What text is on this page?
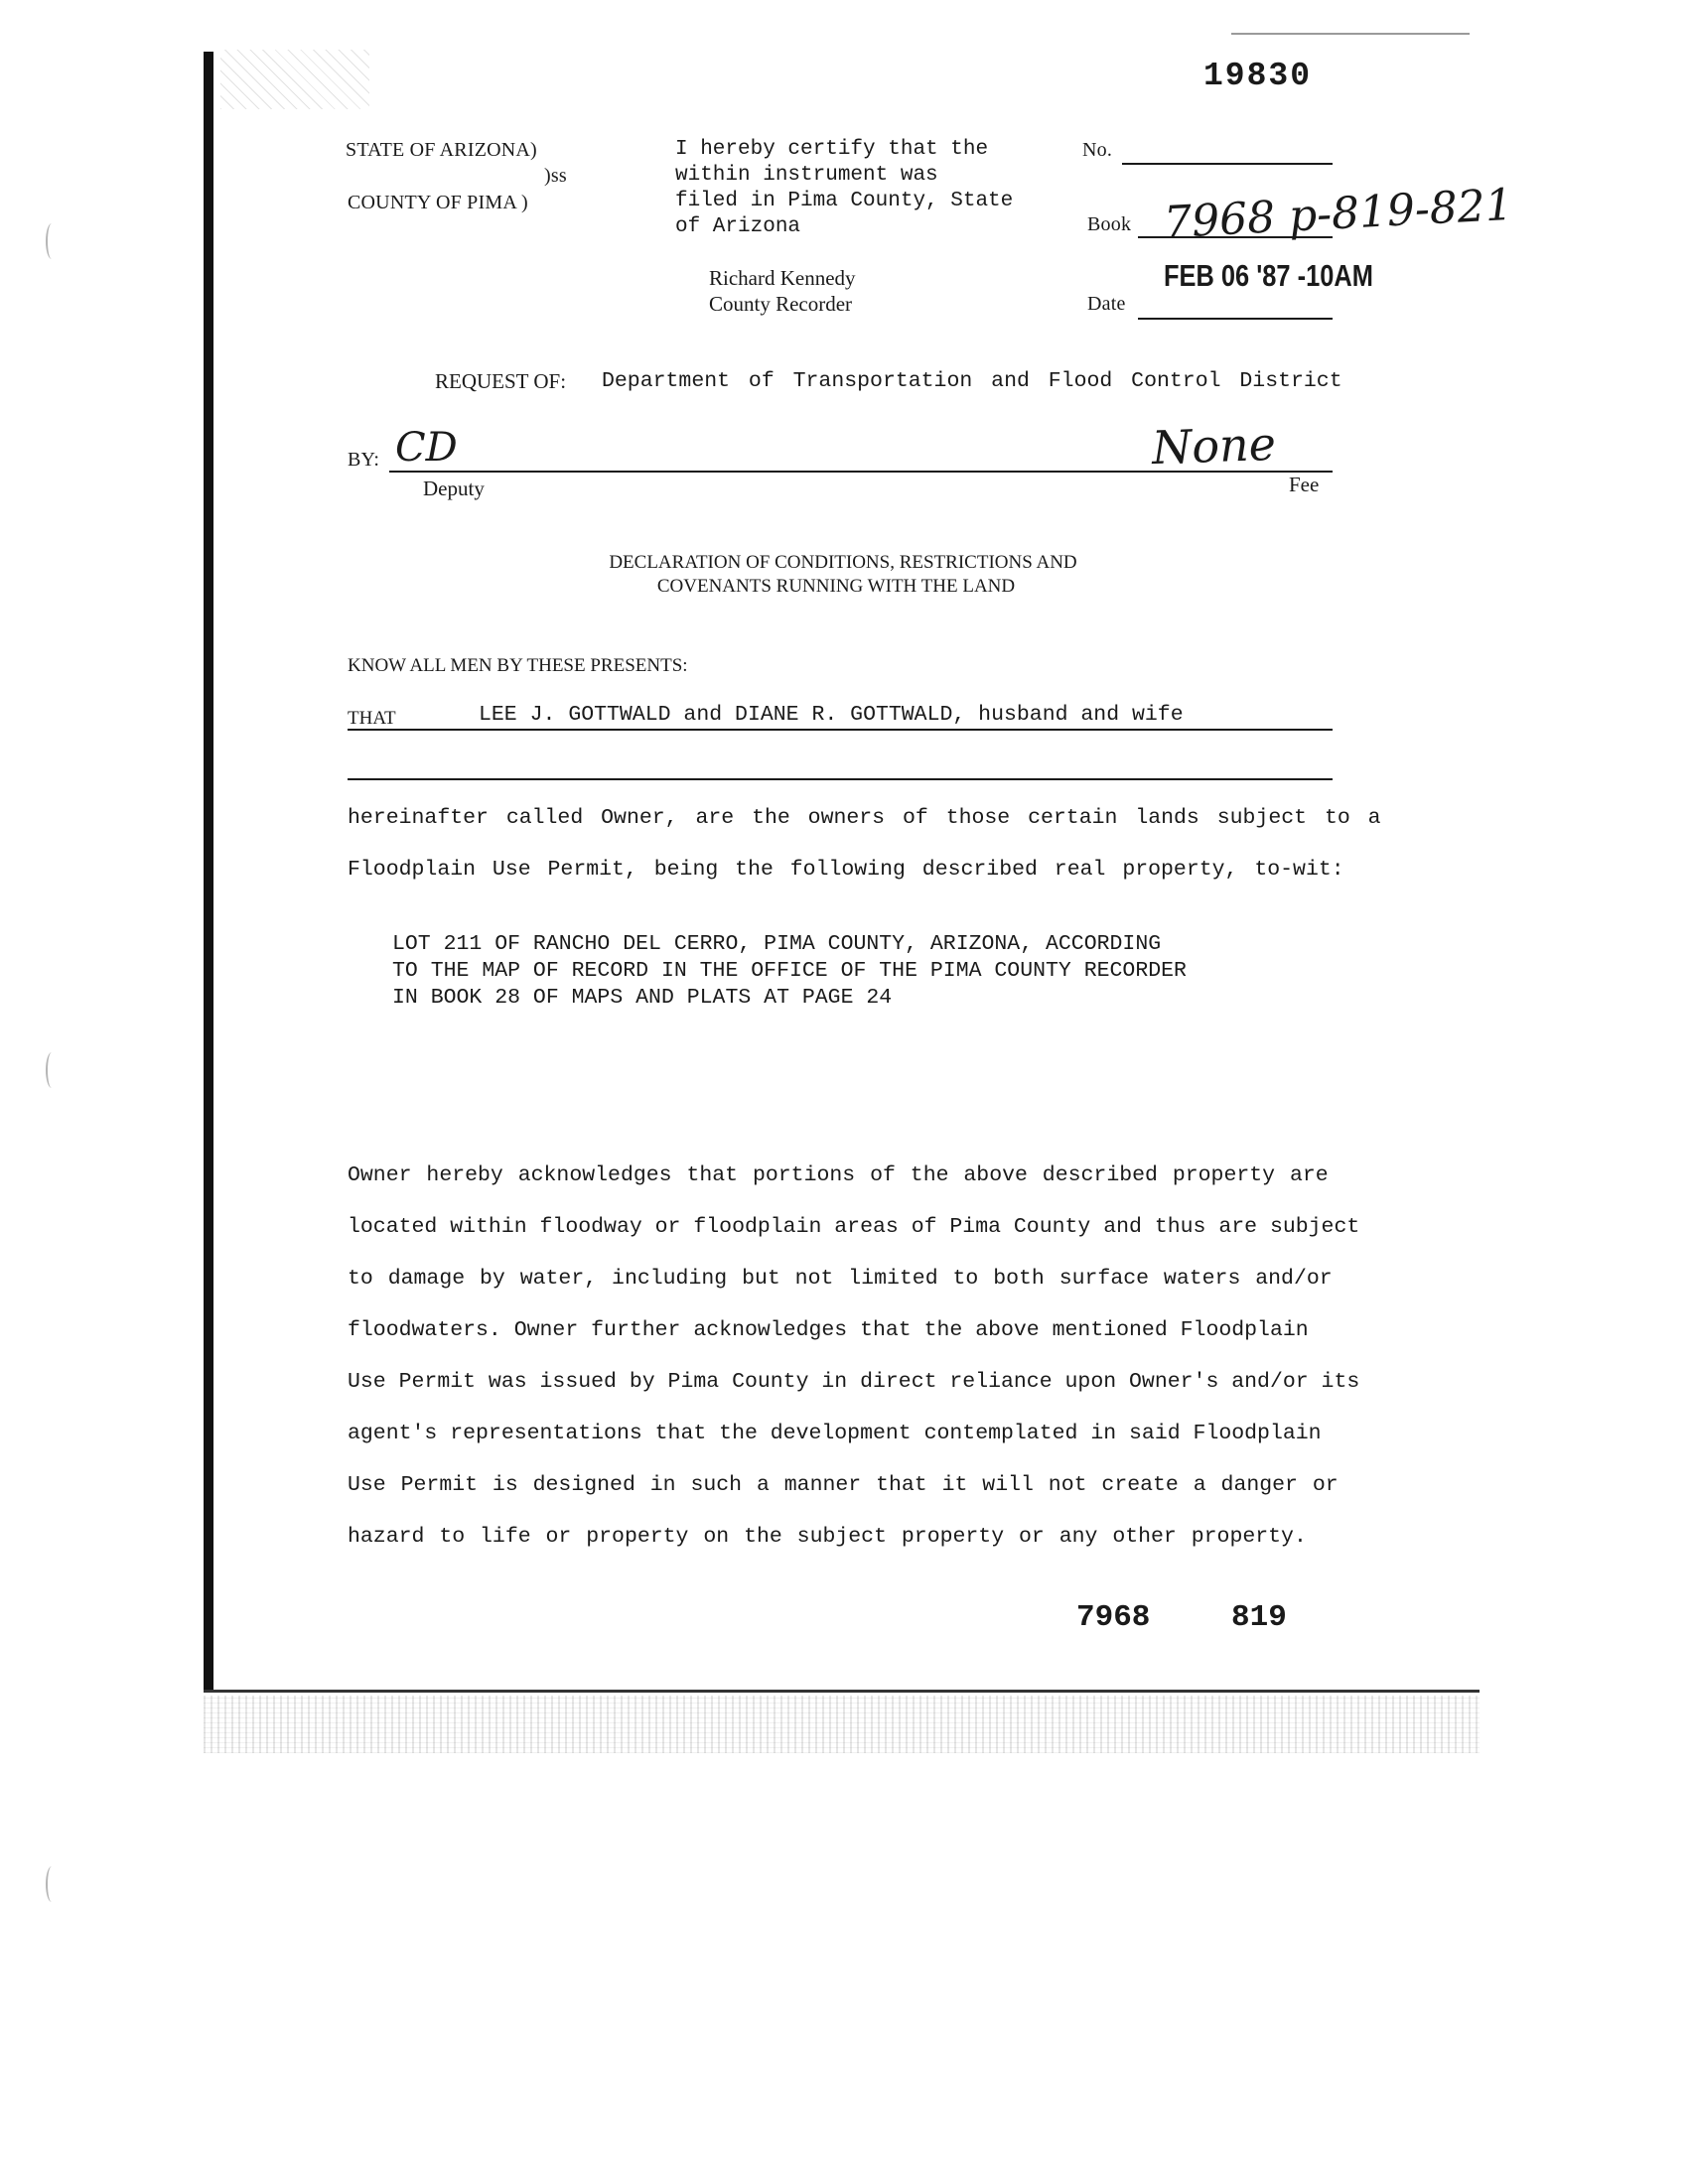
19830
STATE OF ARIZONA)
)ss
COUNTY OF PIMA )
I hereby certify that the
within instrument was
filed in Pima County, State
of Arizona
Richard Kennedy
County Recorder
No.
Book 7968 p-819-821
FEB 06 '87 -10AM
Date
REQUEST OF: Department of Transportation and Flood Control District
BY: CD	None
Deputy	Fee
DECLARATION OF CONDITIONS, RESTRICTIONS AND
COVENANTS RUNNING WITH THE LAND
KNOW ALL MEN BY THESE PRESENTS:
THAT	LEE J. GOTTWALD and DIANE R. GOTTWALD, husband and wife
hereinafter called Owner, are the owners of those certain lands subject to a
Floodplain Use Permit, being the following described real property, to-wit:
LOT 211 OF RANCHO DEL CERRO, PIMA COUNTY, ARIZONA, ACCORDING
TO THE MAP OF RECORD IN THE OFFICE OF THE PIMA COUNTY RECORDER
IN BOOK 28 OF MAPS AND PLATS AT PAGE 24
Owner hereby acknowledges that portions of the above described property are
located within floodway or floodplain areas of Pima County and thus are subject
to damage by water, including but not limited to both surface waters and/or
floodwaters. Owner further acknowledges that the above mentioned Floodplain
Use Permit was issued by Pima County in direct reliance upon Owner's and/or its
agent's representations that the development contemplated in said Floodplain
Use Permit is designed in such a manner that it will not create a danger or
hazard to life or property on the subject property or any other property.
7968	819
